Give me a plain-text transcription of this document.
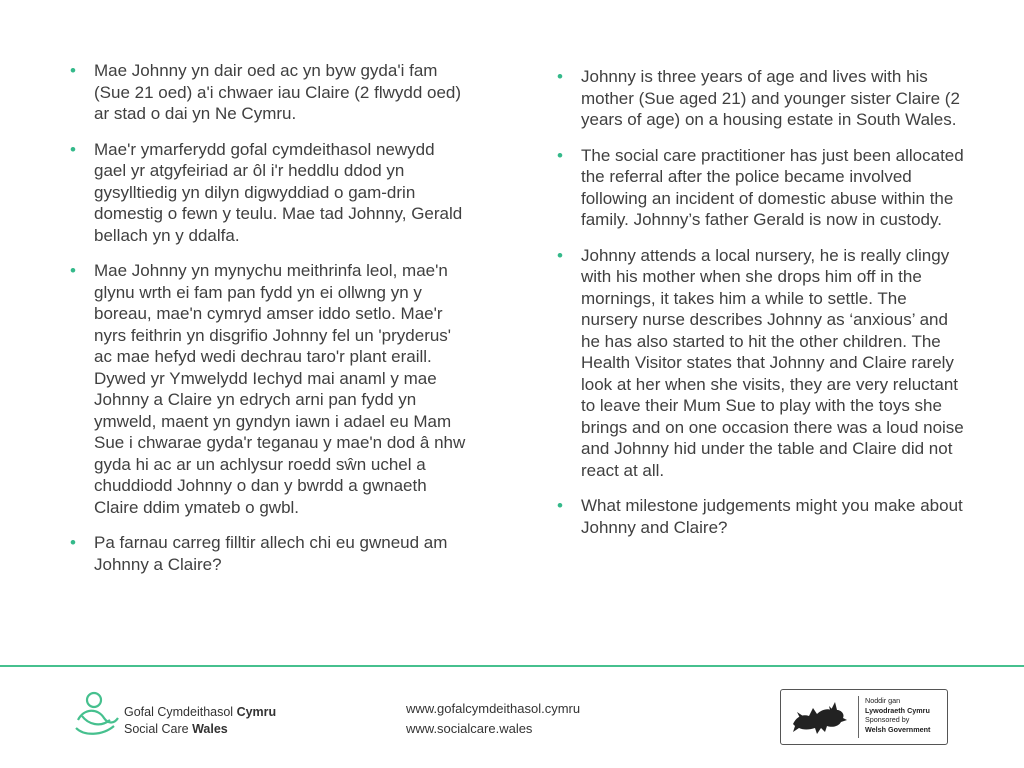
• Mae Johnny yn dair oed ac yn byw gyda'i fam (Sue 21 oed) a'i chwaer iau Claire (2 flwydd oed) ar stad o dai yn Ne Cymru.
• Mae'r ymarferydd gofal cymdeithasol newydd gael yr atgyfeiriad ar ôl i'r heddlu ddod yn gysylltiedig yn dilyn digwyddiad o gam-drin domestig o fewn y teulu. Mae tad Johnny, Gerald bellach yn y ddalfa.
• Mae Johnny yn mynychu meithrinfa leol, mae'n glynu wrth ei fam pan fydd yn ei ollwng yn y boreau, mae'n cymryd amser iddo setlo. Mae'r nyrs feithrin yn disgrifio Johnny fel un 'pryderus' ac mae hefyd wedi dechrau taro'r plant eraill. Dywed yr Ymwelydd Iechyd mai anaml y mae Johnny a Claire yn edrych arni pan fydd yn ymweld, maent yn gyndyn iawn i adael eu Mam Sue i chwarae gyda'r teganau y mae'n dod â nhw gyda hi ac ar un achlysur roedd sŵn uchel a chuddiodd Johnny o dan y bwrdd a gwnaeth Claire ddim ymateb o gwbl.
• Pa farnau carreg filltir allech chi eu gwneud am Johnny a Claire?
• Johnny is three years of age and lives with his mother (Sue aged 21) and younger sister Claire (2 years of age) on a housing estate in South Wales.
• The social care practitioner has just been allocated the referral after the police became involved following an incident of domestic abuse within the family. Johnny’s father Gerald is now in custody.
• Johnny attends a local nursery, he is really clingy with his mother when she drops him off in the mornings, it takes him a while to settle. The nursery nurse describes Johnny as ‘anxious’ and he has also started to hit the other children. The Health Visitor states that Johnny and Claire rarely look at her when she visits, they are very reluctant to leave their Mum Sue to play with the toys she brings and on one occasion there was a loud noise and Johnny hid under the table and Claire did not react at all.
• What milestone judgements might you make about Johnny and Claire?
Gofal Cymdeithasol Cymru
Social Care Wales
www.gofalcymdeithasol.cymru
www.socialcare.wales
Noddir gan
Lywodraeth Cymru
Sponsored by
Welsh Government
